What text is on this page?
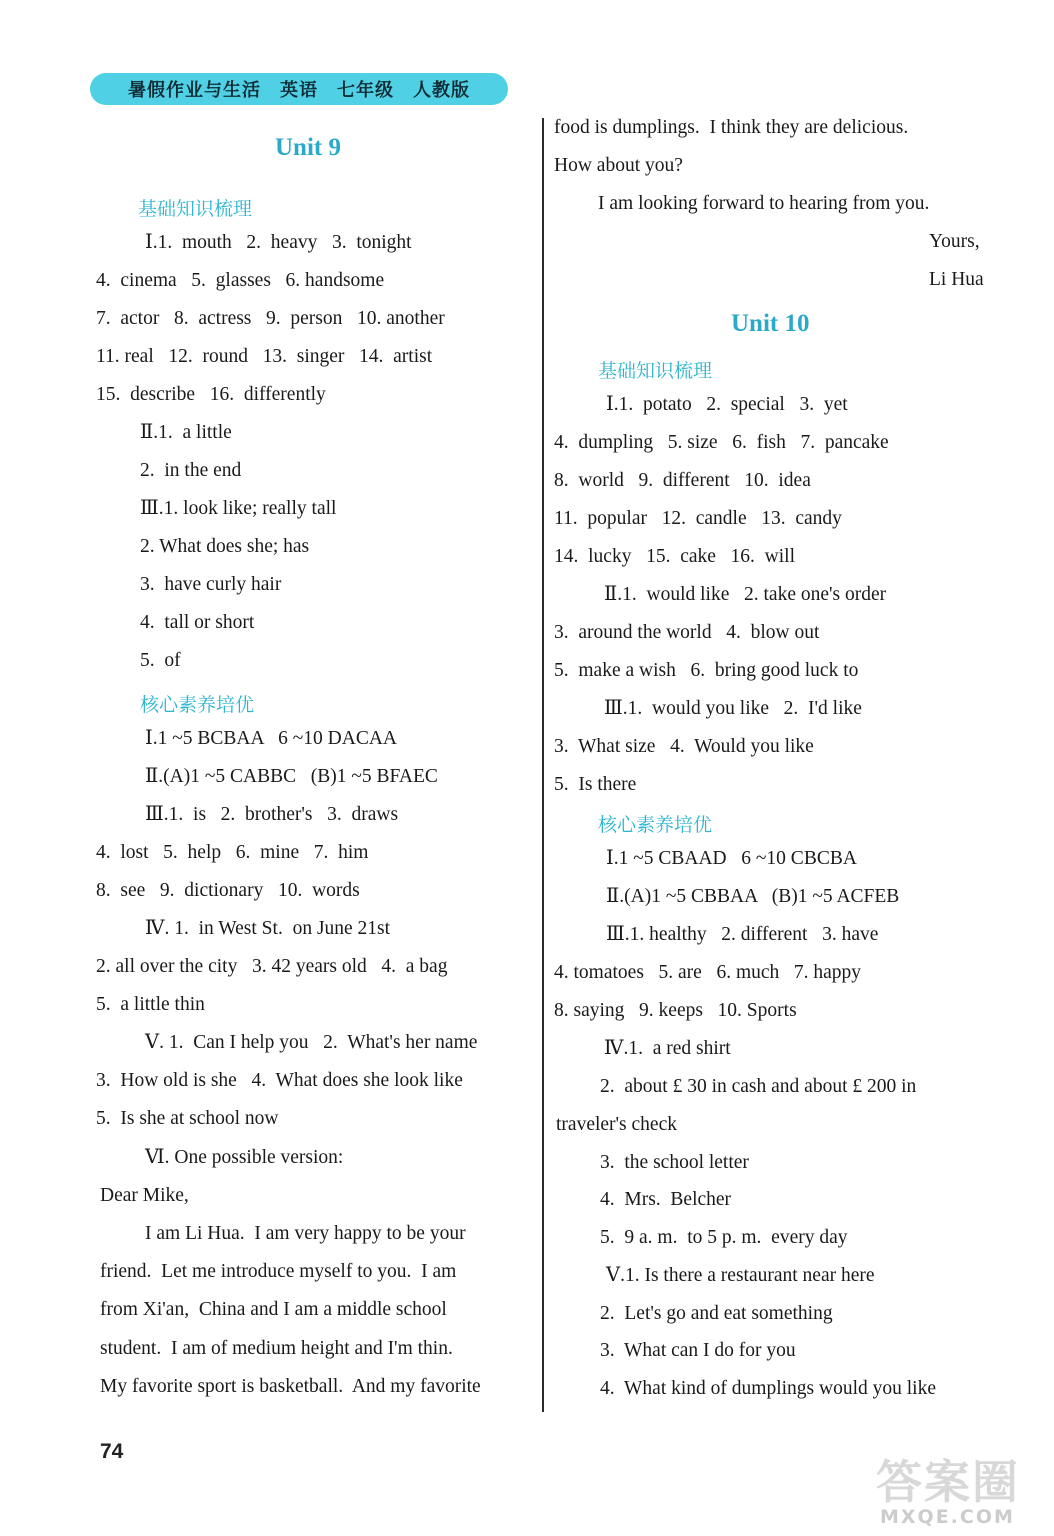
暑假作业与生活　英语　七年级　人教版
Unit 9
基础知识梳理
Ⅰ.1.  mouth   2.  heavy   3.  tonight
4.  cinema   5.  glasses   6. handsome
7.  actor   8.  actress   9.  person   10. another
11. real   12.  round   13.  singer   14.  artist
15.  describe   16.  differently
Ⅱ.1.  a little
2.  in the end
Ⅲ.1. look like; really tall
2. What does she; has
3.  have curly hair
4.  tall or short
5.  of
核心素养培优
Ⅰ.1 ~5 BCBAA   6 ~10 DACAA
Ⅱ.(A)1 ~5 CABBC   (B)1 ~5 BFAEC
Ⅲ.1.  is   2.  brother's   3.  draws
4.  lost   5.  help   6.  mine   7.  him
8.  see   9.  dictionary   10.  words
Ⅳ. 1.  in West St.  on June 21st
2. all over the city   3. 42 years old   4.  a bag
5.  a little thin
Ⅴ. 1.  Can I help you   2.  What's her name
3.  How old is she   4.  What does she look like
5.  Is she at school now
Ⅵ. One possible version:
Dear Mike,
I am Li Hua.  I am very happy to be your
friend.  Let me introduce myself to you.  I am
from Xi'an,  China and I am a middle school
student.  I am of medium height and I'm thin.
My favorite sport is basketball.  And my favorite
74
food is dumplings.  I think they are delicious.
How about you?
I am looking forward to hearing from you.
Yours,
Li Hua
Unit 10
基础知识梳理
Ⅰ.1.  potato   2.  special   3.  yet
4.  dumpling   5. size   6.  fish   7.  pancake
8.  world   9.  different   10.  idea
11.  popular   12.  candle   13.  candy
14.  lucky   15.  cake   16.  will
Ⅱ.1.  would like   2. take one's order
3.  around the world   4.  blow out
5.  make a wish   6.  bring good luck to
Ⅲ.1.  would you like   2.  I'd like
3.  What size   4.  Would you like
5.  Is there
核心素养培优
Ⅰ.1 ~5 CBAAD   6 ~10 CBCBA
Ⅱ.(A)1 ~5 CBBAA   (B)1 ~5 ACFEB
Ⅲ.1. healthy   2. different   3. have
4. tomatoes   5. are   6. much   7. happy
8. saying   9. keeps   10. Sports
Ⅳ.1.  a red shirt
2.  about £ 30 in cash and about £ 200 in
traveler's check
3.  the school letter
4.  Mrs.  Belcher
5.  9 a. m.  to 5 p. m.  every day
Ⅴ.1. Is there a restaurant near here
2.  Let's go and eat something
3.  What can I do for you
4.  What kind of dumplings would you like
答案圈
MXQE.COM
